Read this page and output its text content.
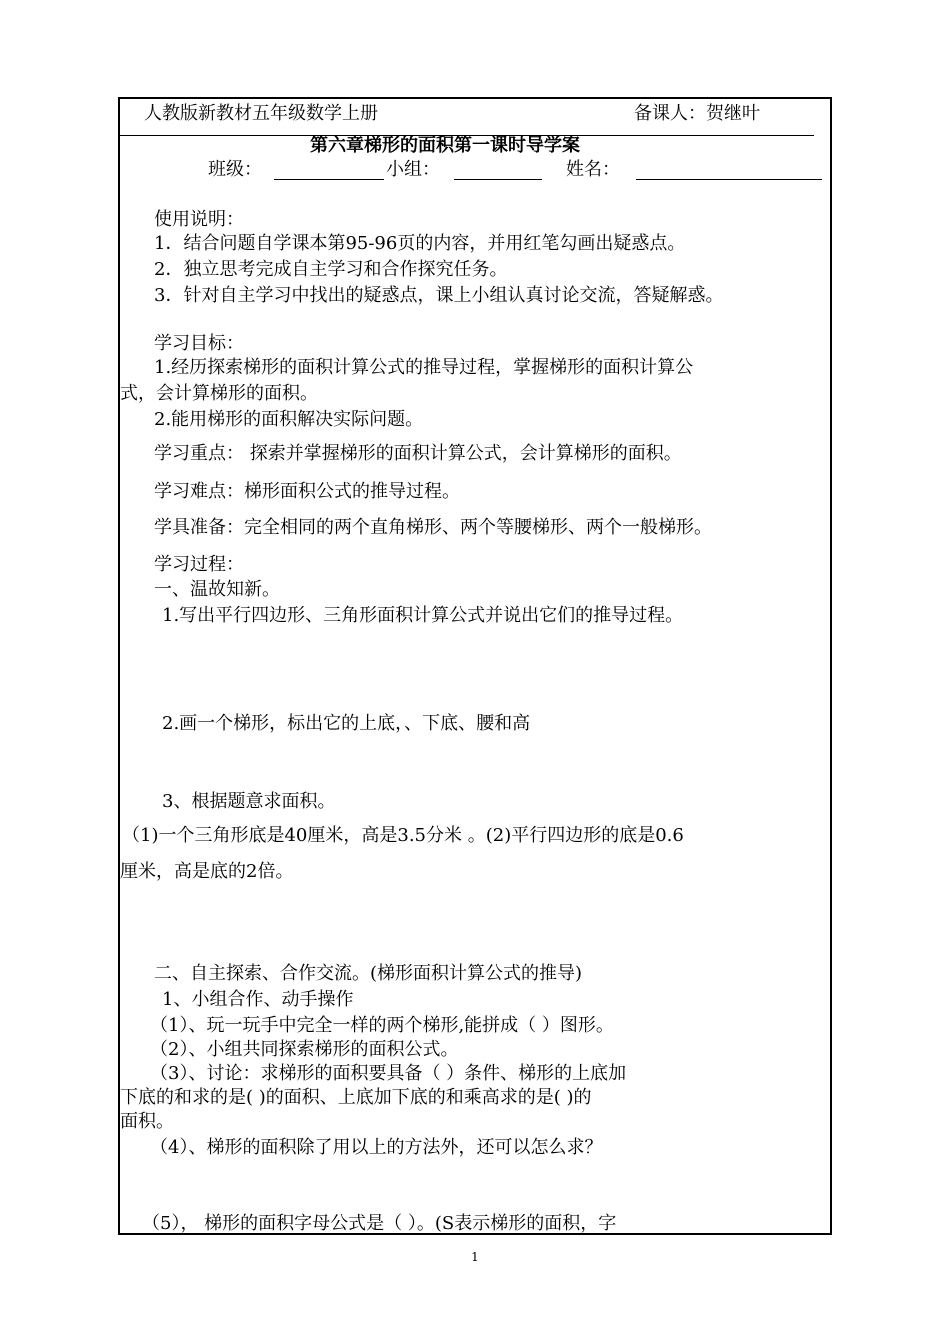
人教版新教材五年级数学上册	备课人：贺继叶
第六章梯形的面积第一课时导学案
班级：	小组：	姓名：
使用说明：
1．结合问题自学课本第95-96页的内容，并用红笔勾画出疑惑点。
2．独立思考完成自主学习和合作探究任务。
3．针对自主学习中找出的疑惑点，课上小组认真讨论交流，答疑解惑。
学习目标：
1.经历探索梯形的面积计算公式的推导过程，掌握梯形的面积计算公
式，会计算梯形的面积。
2.能用梯形的面积解决实际问题。
学习重点： 探索并掌握梯形的面积计算公式，会计算梯形的面积。
学习难点：梯形面积公式的推导过程。
学具准备：完全相同的两个直角梯形、两个等腰梯形、两个一般梯形。
学习过程：
一、温故知新。
1.写出平行四边形、三角形面积计算公式并说出它们的推导过程。
2.画一个梯形，标出它的上底，、下底、腰和高
3、根据题意求面积。
（1)一个三角形底是40厘米，高是3.5分米 。(2)平行四边形的底是0.6
厘米，高是底的2倍。
二、自主探索、合作交流。(梯形面积计算公式的推导)
1、小组合作、动手操作
（1）、玩一玩手中完全一样的两个梯形,能拼成（ ）图形。
（2）、小组共同探索梯形的面积公式。
（3）、讨论：求梯形的面积要具备（ ）条件、梯形的上底加
下底的和求的是( )的面积、上底加下底的和乘高求的是( )的
面积。
（4）、梯形的面积除了用以上的方法外，还可以怎么求？
（5）， 梯形的面积字母公式是（ ）。(S表示梯形的面积，字
1
